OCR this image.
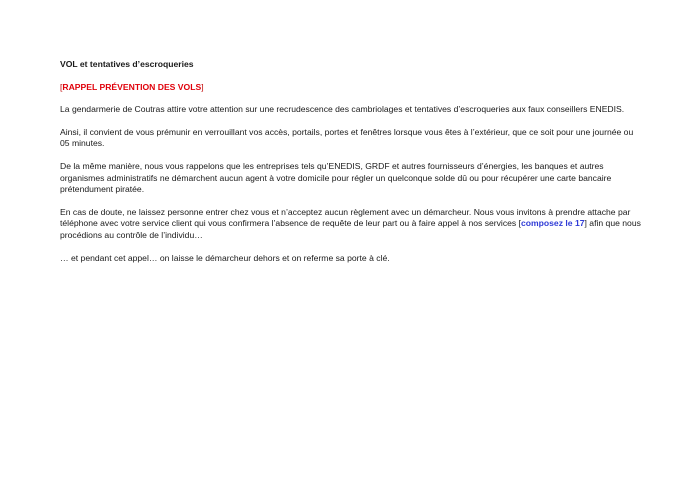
VOL et tentatives d’escroqueries
[RAPPEL PRÉVENTION DES VOLS]

La gendarmerie de Coutras attire votre attention sur une recrudescence des cambriolages et tentatives d’escroqueries aux faux conseillers ENEDIS.

Ainsi, il convient de vous prémunir en verrouillant vos accès, portails, portes et fenêtres lorsque vous êtes à l’extérieur, que ce soit pour une journée ou 05 minutes.

De la même manière, nous vous rappelons que les entreprises tels qu’ENEDIS, GRDF et autres fournisseurs d’énergies, les banques et autres organismes administratifs ne démarchent aucun agent à votre domicile pour régler un quelconque solde dû ou pour récupérer une carte bancaire prétendument piratée.

En cas de doute, ne laissez personne entrer chez vous et n’acceptez aucun règlement avec un démarcheur. Nous vous invitons à prendre attache par téléphone avec votre service client qui vous confirmera l’absence de requête de leur part ou à faire appel à nos services [composez le 17] afin que nous procédions au contrôle de l’individu…

… et pendant cet appel… on laisse le démarcheur dehors et on referme sa porte à clé.
